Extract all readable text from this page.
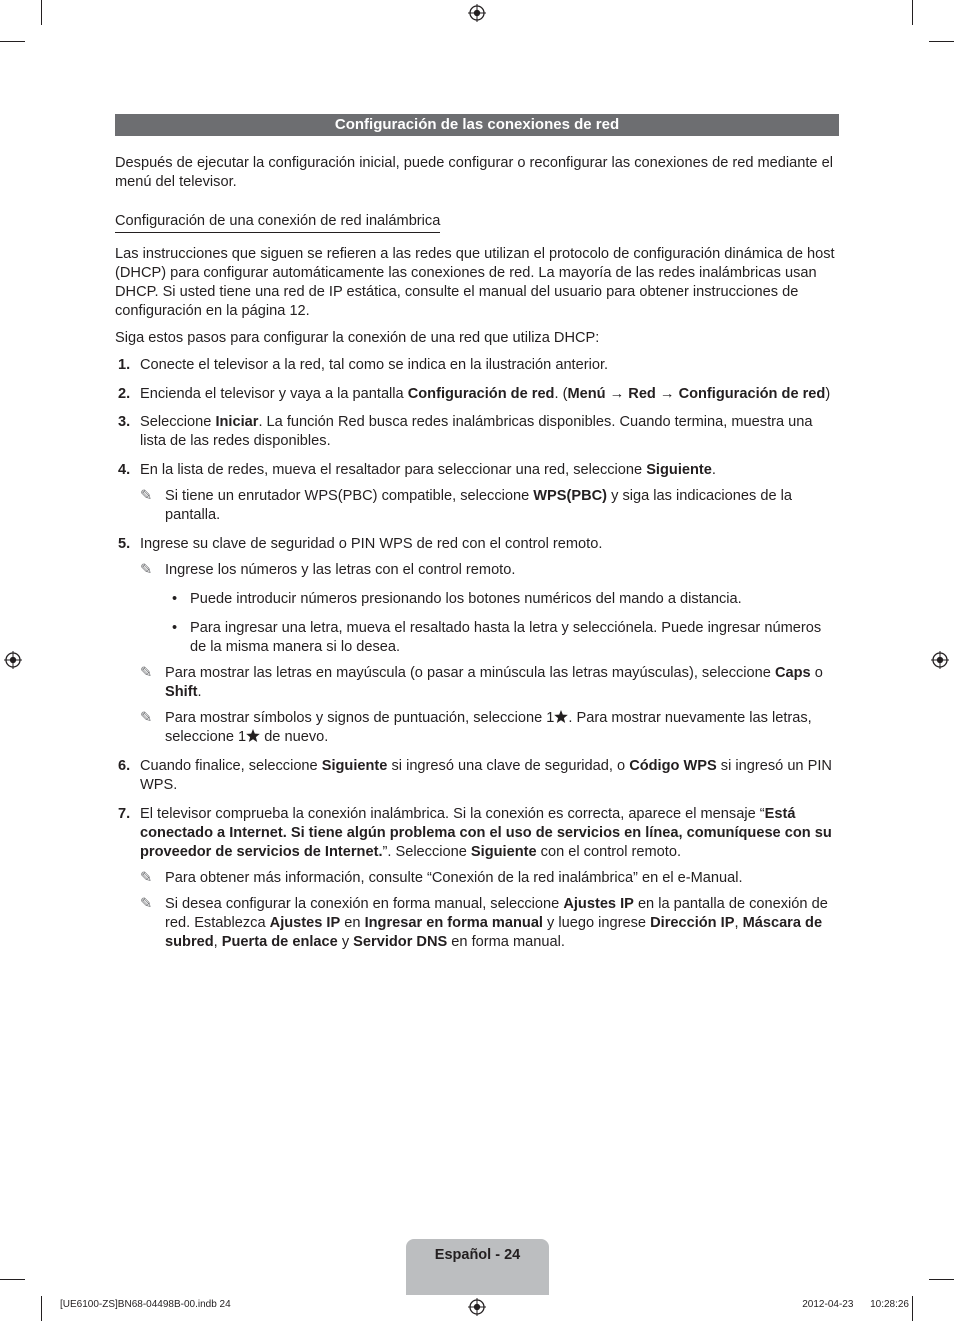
Configuración de las conexiones de red

Después de ejecutar la configuración inicial, puede configurar o reconfigurar las conexiones de red mediante el menú del televisor.

Configuración de una conexión de red inalámbrica

Las instrucciones que siguen se refieren a las redes que utilizan el protocolo de configuración dinámica de host (DHCP) para configurar automáticamente las conexiones de red. La mayoría de las redes inalámbricas usan DHCP. Si usted tiene una red de IP estática, consulte el manual del usuario para obtener instrucciones de configuración en la página 12.

Siga estos pasos para configurar la conexión de una red que utiliza DHCP:

1. Conecte el televisor a la red, tal como se indica en la ilustración anterior.
2. Encienda el televisor y vaya a la pantalla Configuración de red. (Menú → Red → Configuración de red)
3. Seleccione Iniciar. La función Red busca redes inalámbricas disponibles. Cuando termina, muestra una lista de las redes disponibles.
4. En la lista de redes, mueva el resaltador para seleccionar una red, seleccione Siguiente.
✎ Si tiene un enrutador WPS(PBC) compatible, seleccione WPS(PBC) y siga las indicaciones de la pantalla.
5. Ingrese su clave de seguridad o PIN WPS de red con el control remoto.
✎ Ingrese los números y las letras con el control remoto.
• Puede introducir números presionando los botones numéricos del mando a distancia.
• Para ingresar una letra, mueva el resaltado hasta la letra y selecciónela. Puede ingresar números de la misma manera si lo desea.
✎ Para mostrar las letras en mayúscula (o pasar a minúscula las letras mayúsculas), seleccione Caps o Shift.
✎ Para mostrar símbolos y signos de puntuación, seleccione 1 . Para mostrar nuevamente las letras, seleccione 1 de nuevo.
6. Cuando finalice, seleccione Siguiente si ingresó una clave de seguridad, o Código WPS si ingresó un PIN WPS.
7. El televisor comprueba la conexión inalámbrica. Si la conexión es correcta, aparece el mensaje “Está conectado a Internet. Si tiene algún problema con el uso de servicios en línea, comuníquese con su proveedor de servicios de Internet.”. Seleccione Siguiente con el control remoto.
✎ Para obtener más información, consulte “Conexión de la red inalámbrica” en el e-Manual.
✎ Si desea configurar la conexión en forma manual, seleccione Ajustes IP en la pantalla de conexión de red. Establezca Ajustes IP en Ingresar en forma manual y luego ingrese Dirección IP, Máscara de subred, Puerta de enlace y Servidor DNS en forma manual.
Español - 24
[UE6100-ZS]BN68-04498B-00.indb 24	2012-04-23      10:28:26
